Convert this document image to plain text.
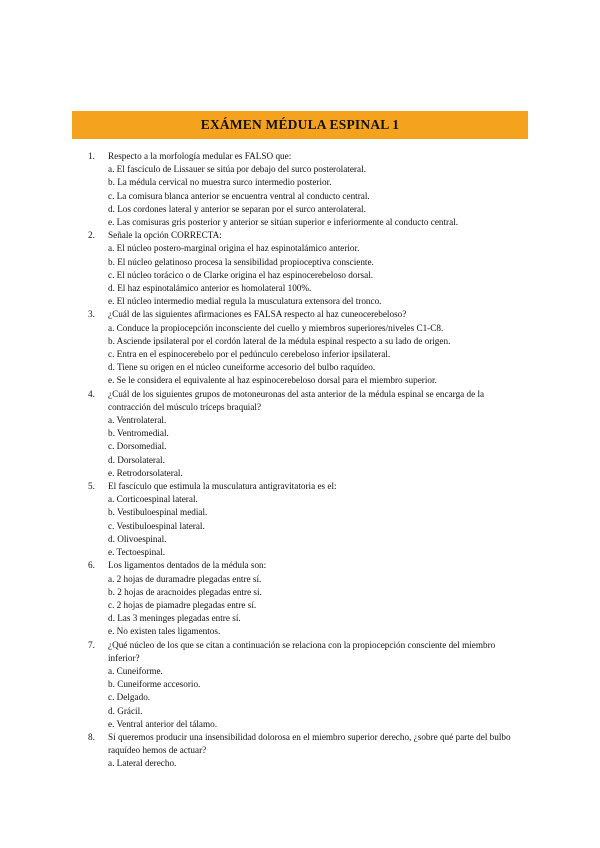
EXÁMEN MÉDULA ESPINAL 1
1.	Respecto a la morfología medular es FALSO que:
a. El fascículo de Lissauer se sitúa por debajo del surco posterolateral.
b. La médula cervical no muestra surco intermedio posterior.
c. La comisura blanca anterior se encuentra ventral al conducto central.
d. Los cordones lateral y anterior se separan por el surco anterolateral.
e. Las comisuras gris posterior y anterior se sitúan superior e inferiormente al conducto central.
2.	Señale la opción CORRECTA:
a. El núcleo postero-marginal origina el haz espinotalámico anterior.
b. El núcleo gelatinoso procesa la sensibilidad propioceptiva consciente.
c. El núcleo torácico o de Clarke origina el haz espinocerebeloso dorsal.
d. El haz espinotalámico anterior es homolateral 100%.
e. El núcleo intermedio medial regula la musculatura extensora del tronco.
3.	¿Cuál de las siguientes afirmaciones es FALSA respecto al haz cuneocerebeloso?
a. Conduce la propiocepción inconsciente del cuello y miembros superiores/niveles C1-C8.
b. Asciende ipsilateral por el cordón lateral de la médula espinal respecto a su lado de origen.
c. Entra en el espinocerebelo por el pedúnculo cerebeloso inferior ipsilateral.
d. Tiene su origen en el núcleo cuneiforme accesorio del bulbo raquídeo.
e. Se le considera el equivalente al haz espinocerebeloso dorsal para el miembro superior.
4.	¿Cuál de los siguientes grupos de motoneuronas del asta anterior de la médula espinal se encarga de la contracción del músculo tríceps braquial?
a. Ventrolateral.
b. Ventromedial.
c. Dorsomedial.
d. Dorsolateral.
e. Retrodorsolateral.
5.	El fascículo que estimula la musculatura antigravitatoria es el:
a. Corticoespinal lateral.
b. Vestibuloespinal medial.
c. Vestibuloespinal lateral.
d. Olivoespinal.
e. Tectoespinal.
6.	Los ligamentos dentados de la médula son:
a. 2 hojas de duramadre plegadas entre sí.
b. 2 hojas de aracnoides plegadas entre sí.
c. 2 hojas de piamadre plegadas entre sí.
d. Las 3 meninges plegadas entre sí.
e. No existen tales ligamentos.
7.	¿Qué núcleo de los que se citan a continuación se relaciona con la propiocepción consciente del miembro inferior?
a. Cuneiforme.
b. Cuneiforme accesorio.
c. Delgado.
d. Grácil.
e. Ventral anterior del tálamo.
8.	Si queremos producir una insensibilidad dolorosa en el miembro superior derecho, ¿sobre qué parte del bulbo raquídeo hemos de actuar?
a. Lateral derecho.
